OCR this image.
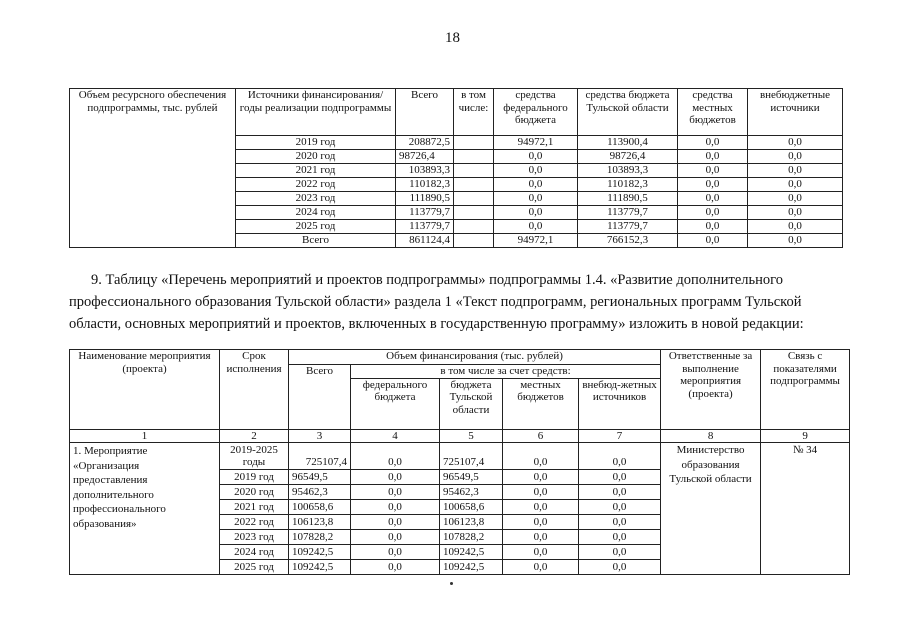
18
Объем ресурсного обеспечения подпрограммы, тыс. рублей	Источники финансирования/годы реализации подпрограммы	Всего	в том числе:	средства федерального бюджета	средства бюджета Тульской области	средства местных бюджетов	внебюджетные источники
	2019 год	208872,5		94972,1	113900,4	0,0	0,0
	2020 год	98726,4		0,0	98726,4	0,0	0,0
	2021 год	103893,3		0,0	103893,3	0,0	0,0
	2022 год	110182,3		0,0	110182,3	0,0	0,0
	2023 год	111890,5		0,0	111890,5	0,0	0,0
	2024 год	113779,7		0,0	113779,7	0,0	0,0
	2025 год	113779,7		0,0	113779,7	0,0	0,0
	Всего	861124,4		94972,1	766152,3	0,0	0,0
9. Таблицу «Перечень мероприятий и проектов подпрограммы» подпрограммы 1.4. «Развитие дополнительного
профессионального образования Тульской области» раздела 1 «Текст подпрограмм, региональных программ Тульской
области, основных мероприятий и проектов, включенных в государственную программу» изложить в новой редакции:
Наименование мероприятия (проекта)	Срок исполнения	Объем финансирования (тыс. рублей)					Ответственные за выполнение мероприятия (проекта)	Связь с показателями подпрограммы
		Всего	в том числе за счет средств:					
			федерального бюджета	бюджета Тульской области	местных бюджетов	внебюд-жетных источников		
1	2	3	4	5	6	7	8	9
1. Мероприятие «Организация предоставления дополнительного профессионального образования»	2019-2025 годы	725107,4	0,0	725107,4	0,0	0,0	Министерство образования Тульской области	№ 34
	2019 год	96549,5	0,0	96549,5	0,0	0,0		
	2020 год	95462,3	0,0	95462,3	0,0	0,0		
	2021 год	100658,6	0,0	100658,6	0,0	0,0		
	2022 год	106123,8	0,0	106123,8	0,0	0,0		
	2023 год	107828,2	0,0	107828,2	0,0	0,0		
	2024 год	109242,5	0,0	109242,5	0,0	0,0		
	2025 год	109242,5	0,0	109242,5	0,0	0,0		
